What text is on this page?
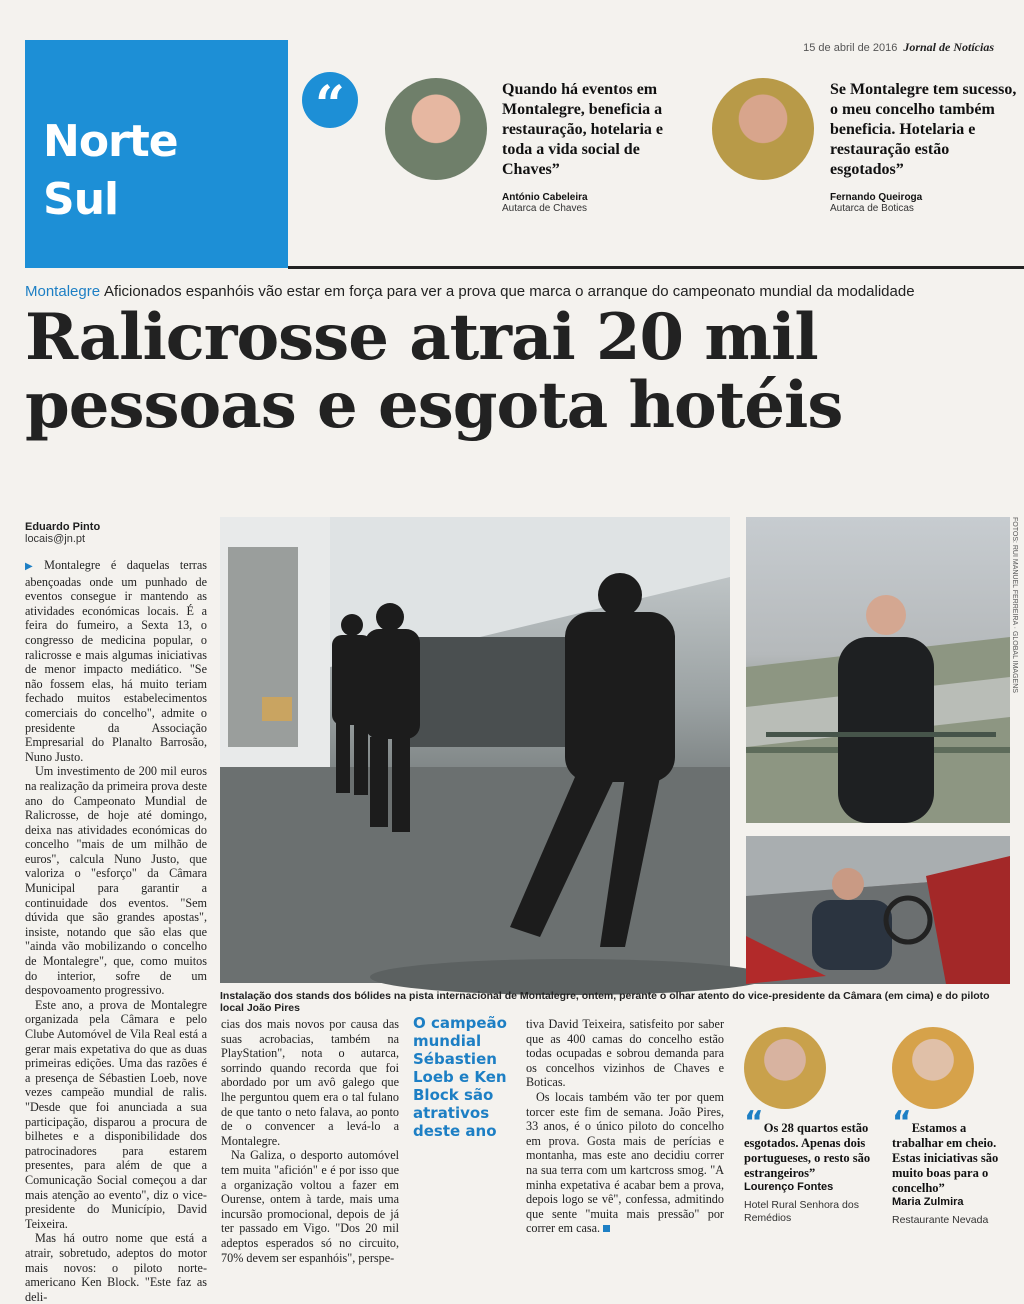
Norte
Sul
15 de abril de 2016 Jornal de Notícias
“	Quando há eventos em Montalegre, beneficia a restauração, hotelaria e toda a vida social de Chaves”
António Cabeleira
Autarca de Chaves
Se Montalegre tem sucesso, o meu concelho também beneficia. Hotelaria e restauração estão esgotados”
Fernando Queiroga
Autarca de Boticas
Montalegre Aficionados espanhóis vão estar em força para ver a prova que marca o arranque do campeonato mundial da modalidade
Ralicrosse atrai 20 mil
pessoas e esgota hotéis
Eduardo Pinto
locais@jn.pt

▶ Montalegre é daquelas terras abençoadas onde um punhado de eventos consegue ir mantendo as atividades económicas locais. É a feira do fumeiro, a Sexta 13, o congresso de medicina popular, o ralicrosse e mais algumas iniciativas de menor impacto mediático. "Se não fossem elas, há muito teriam fechado muitos estabelecimentos comerciais do concelho", admite o presidente da Associação Empresarial do Planalto Barrosão, Nuno Justo.

Um investimento de 200 mil euros na realização da primeira prova deste ano do Campeonato Mundial de Ralicrosse, de hoje até domingo, deixa nas atividades económicas do concelho "mais de um milhão de euros", calcula Nuno Justo, que valoriza o "esforço" da Câmara Municipal para garantir a continuidade dos eventos. "Sem dúvida que são grandes apostas", insiste, notando que são elas que "ainda vão mobilizando o concelho de Montalegre", que, como muitos do interior, sofre de um despovoamento progressivo.

Este ano, a prova de Montalegre organizada pela Câmara e pelo Clube Automóvel de Vila Real está a gerar mais expetativa do que as duas primeiras edições. Uma das razões é a presença de Sébastien Loeb, nove vezes campeão mundial de ralis. "Desde que foi anunciada a sua participação, disparou a procura de bilhetes e a disponibilidade dos patrocinadores para estarem presentes, para além de que a Comunicação Social começou a dar mais atenção ao evento", diz o vice-presidente do Município, David Teixeira.

Mas há outro nome que está a atrair, sobretudo, adeptos do motor mais novos: o piloto norte-americano Ken Block. "Este faz as deli-

FOTOS: RUI MANUEL FERREIRA · GLOBAL IMAGENS
Instalação dos stands dos bólides na pista internacional de Montalegre, ontem, perante o olhar atento do vice-presidente da Câmara (em cima) e do piloto local João Pires

cias dos mais novos por causa das suas acrobacias, também na PlayStation", nota o autarca, sorrindo quando recorda que foi abordado por um avô galego que lhe perguntou quem era o tal fulano de que tanto o neto falava, ao ponto de o convencer a levá-lo a Montalegre.

Na Galiza, o desporto automóvel tem muita "afición" e é por isso que a organização voltou a fazer em Ourense, ontem à tarde, mais uma incursão promocional, depois de já ter passado em Vigo. "Dos 20 mil adeptos esperados só no circuito, 70% devem ser espanhóis", perspe-

O campeão mundial Sébastien Loeb e Ken Block são atrativos deste ano

tiva David Teixeira, satisfeito por saber que as 400 camas do concelho estão todas ocupadas e sobrou demanda para os concelhos vizinhos de Chaves e Boticas.

Os locais também vão ter por quem torcer este fim de semana. João Pires, 33 anos, é o único piloto do concelho em prova. Gosta mais de perícias e montanha, mas este ano decidiu correr na sua terra com um kartcross smog. "A minha expetativa é acabar bem a prova, depois logo se vê", confessa, admitindo que sente "muita mais pressão" por correr em casa.

“Os 28 quartos estão esgotados. Apenas dois portugueses, o resto são estrangeiros”
Lourenço Fontes
Hotel Rural Senhora dos Remédios
“Estamos a trabalhar em cheio. Estas iniciativas são muito boas para o concelho”
Maria Zulmira
Restaurante Nevada
